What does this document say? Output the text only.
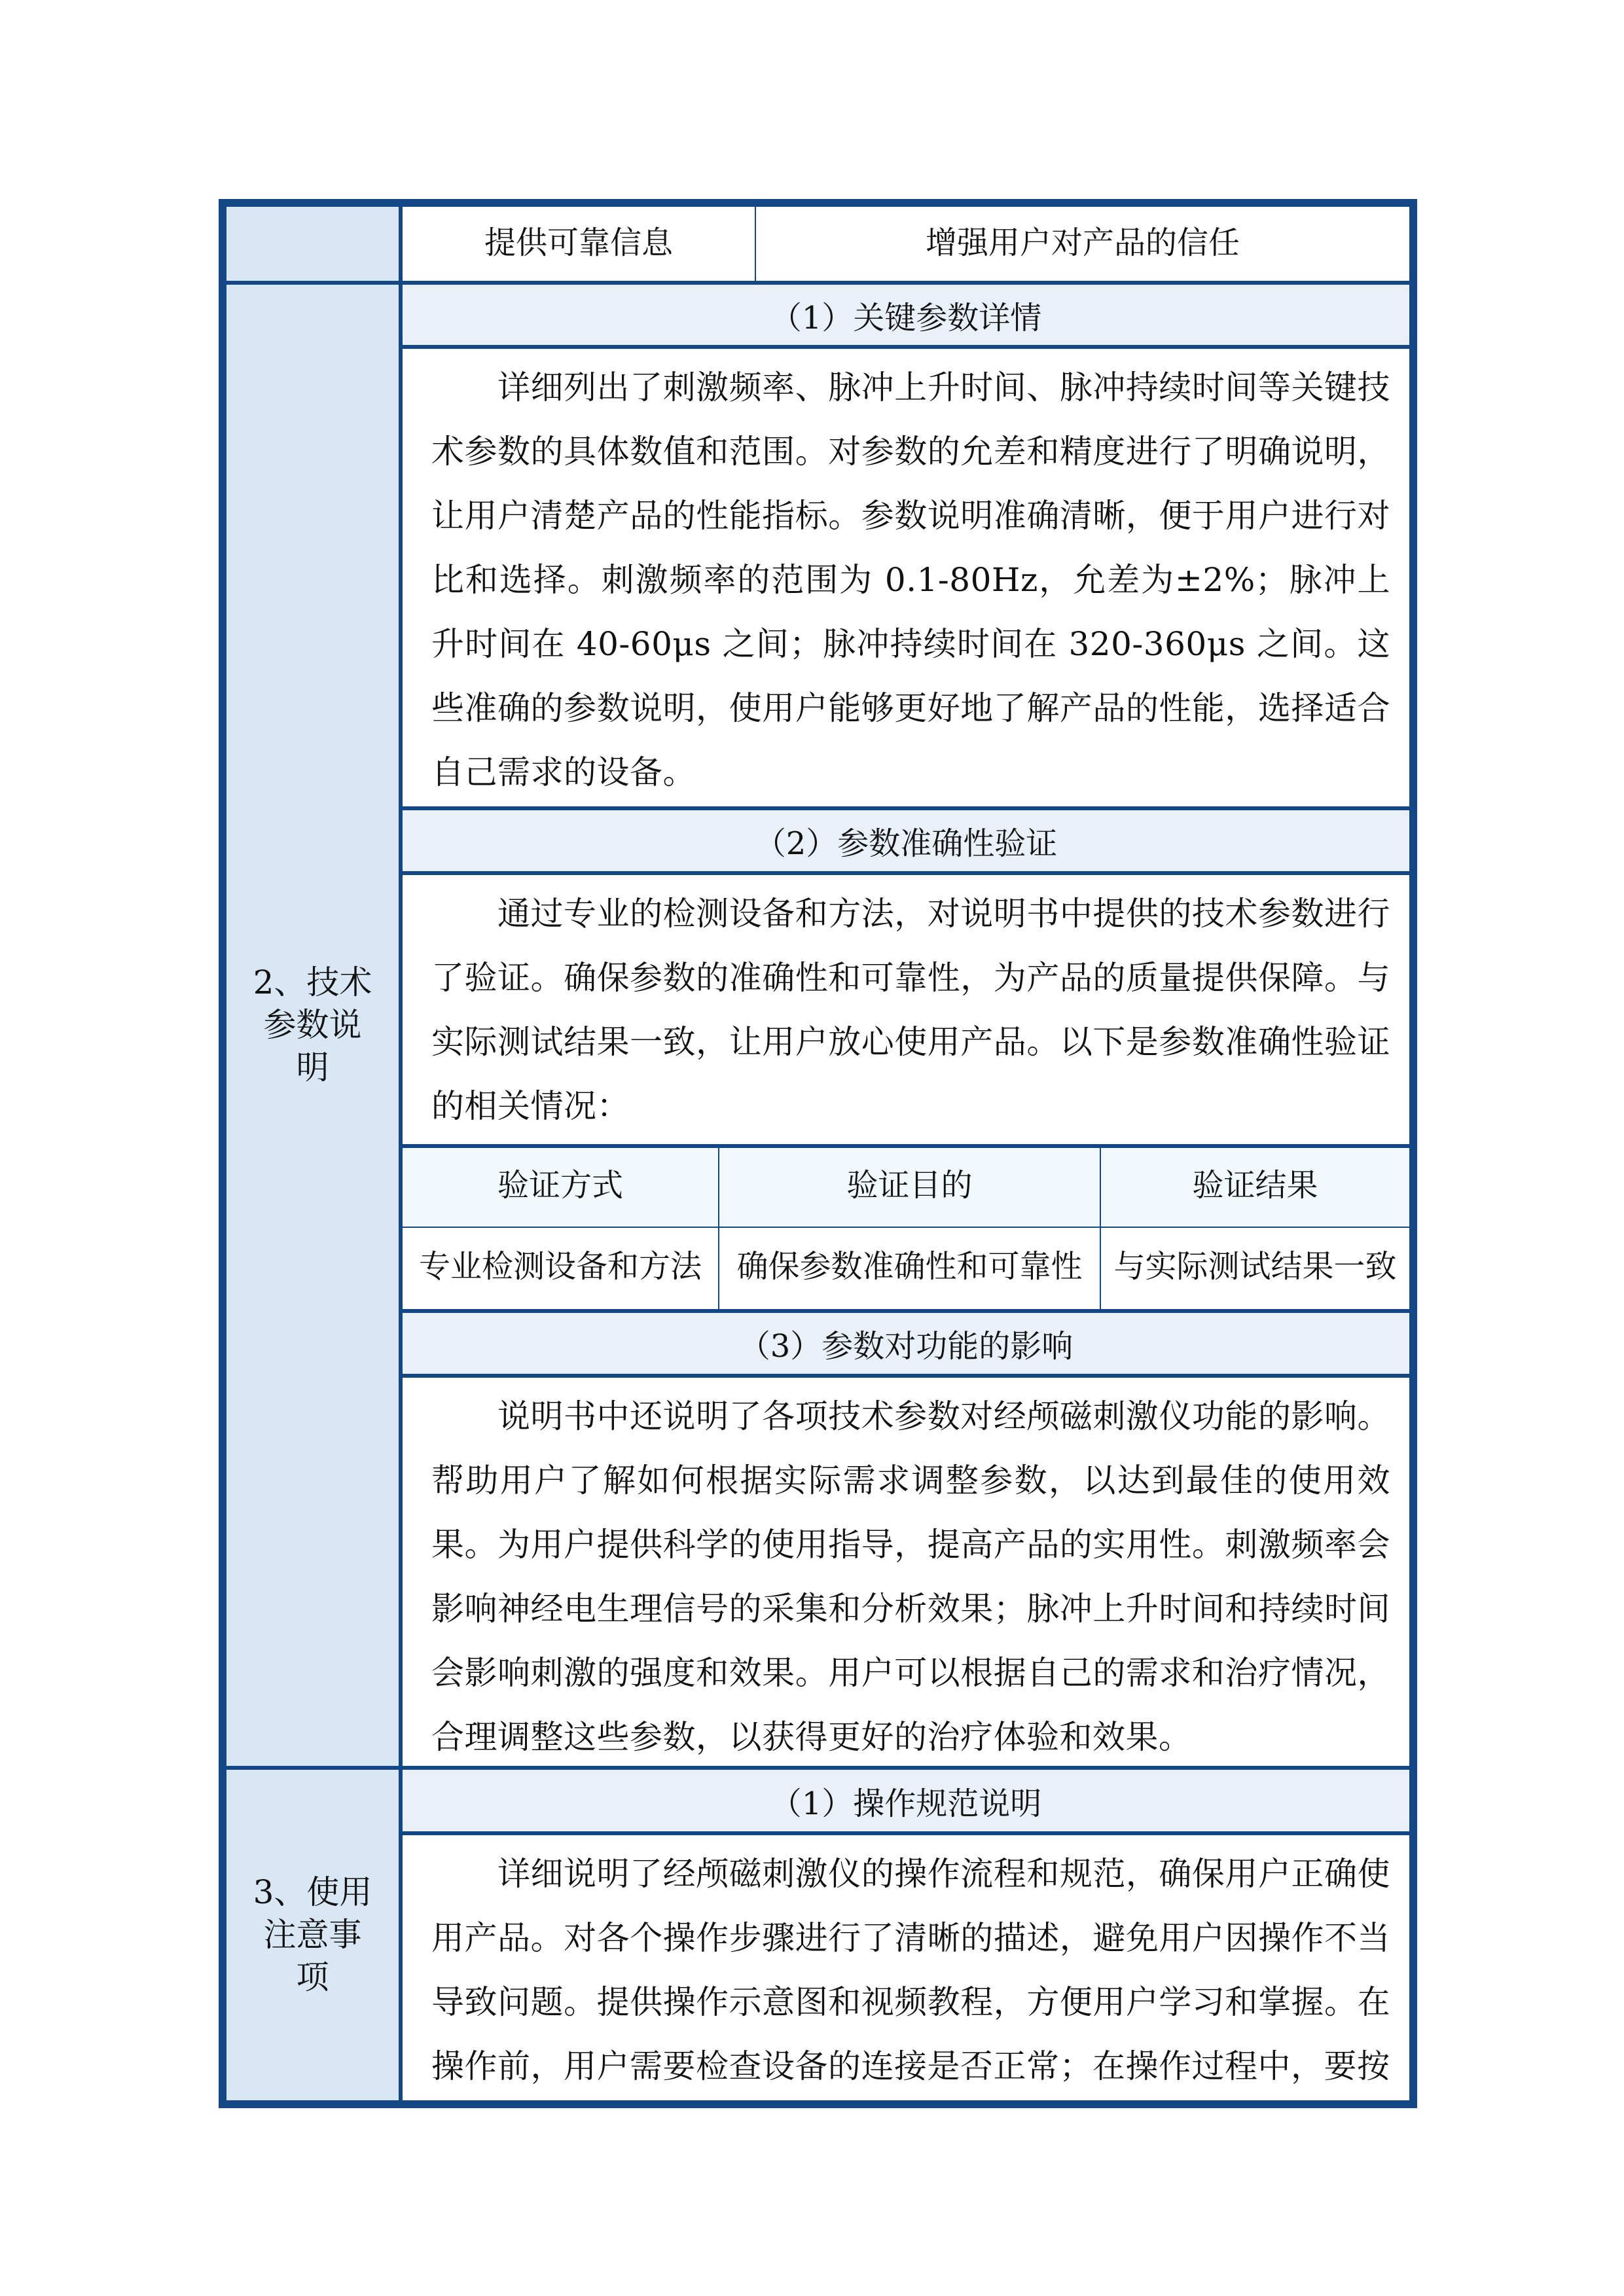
提供可靠信息	增强用户对产品的信任
2、技术参数说明
（1）关键参数详情

详细列出了刺激频率、脉冲上升时间、脉冲持续时间等关键技术参数的具体数值和范围。对参数的允差和精度进行了明确说明，让用户清楚产品的性能指标。参数说明准确清晰，便于用户进行对比和选择。刺激频率的范围为 0.1-80Hz，允差为±2%；脉冲上升时间在 40-60μs 之间；脉冲持续时间在 320-360μs 之间。这些准确的参数说明，使用户能够更好地了解产品的性能，选择适合自己需求的设备。

（2）参数准确性验证

通过专业的检测设备和方法，对说明书中提供的技术参数进行了验证。确保参数的准确性和可靠性，为产品的质量提供保障。与实际测试结果一致，让用户放心使用产品。以下是参数准确性验证的相关情况：

验证方式	验证目的	验证结果
专业检测设备和方法 确保参数准确性和可靠性 与实际测试结果一致
（3）参数对功能的影响

说明书中还说明了各项技术参数对经颅磁刺激仪功能的影响。帮助用户了解如何根据实际需求调整参数，以达到最佳的使用效果。为用户提供科学的使用指导，提高产品的实用性。刺激频率会影响神经电生理信号的采集和分析效果；脉冲上升时间和持续时间会影响刺激的强度和效果。用户可以根据自己的需求和治疗情况，合理调整这些参数，以获得更好的治疗体验和效果。

3、使用注意事项
（1）操作规范说明

详细说明了经颅磁刺激仪的操作流程和规范，确保用户正确使用产品。对各个操作步骤进行了清晰的描述，避免用户因操作不当导致问题。提供操作示意图和视频教程，方便用户学习和掌握。在操作前，用户需要检查设备的连接是否正常；在操作过程中，要按
